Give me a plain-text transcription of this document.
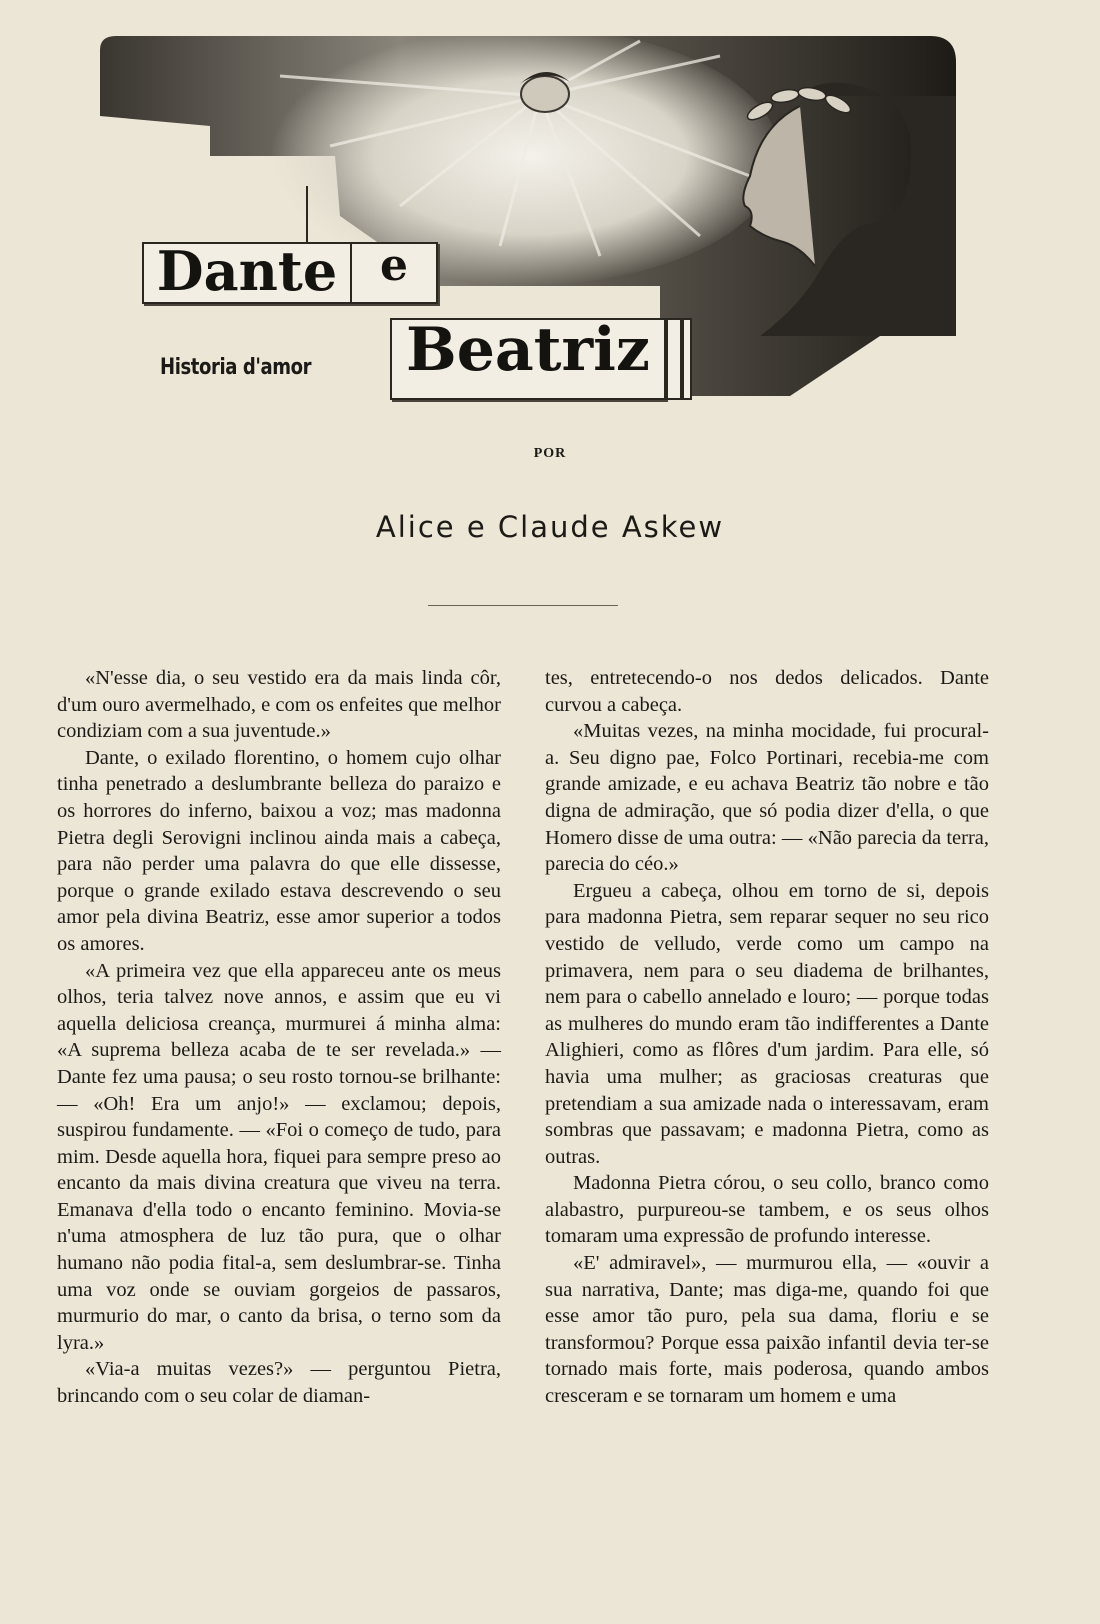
Dante e
Beatriz
Historia d'amor
POR
Alice e Claude Askew

«N'esse dia, o seu vestido era da mais linda côr, d'um ouro avermelhado, e com os enfeites que melhor condiziam com a sua juventude.»

Dante, o exilado florentino, o homem cujo olhar tinha penetrado a deslumbrante belleza do paraizo e os horrores do inferno, baixou a voz; mas madonna Pietra degli Serovigni inclinou ainda mais a cabeça, para não perder uma palavra do que elle dissesse, porque o grande exilado estava descrevendo o seu amor pela divina Beatriz, esse amor superior a todos os amores.

«A primeira vez que ella appareceu ante os meus olhos, teria talvez nove annos, e assim que eu vi aquella deliciosa creança, murmurei á minha alma: «A suprema belleza acaba de te ser revelada.» — Dante fez uma pausa; o seu rosto tornou-se brilhante: — «Oh! Era um anjo!» — exclamou; depois, suspirou fundamente. — «Foi o começo de tudo, para mim. Desde aquella hora, fiquei para sempre preso ao encanto da mais divina creatura que viveu na terra. Emanava d'ella todo o encanto feminino. Movia-se n'uma atmosphera de luz tão pura, que o olhar humano não podia fital-a, sem deslumbrar-se. Tinha uma voz onde se ouviam gorgeios de passaros, murmurio do mar, o canto da brisa, o terno som da lyra.»

«Via-a muitas vezes?» — perguntou Pietra, brincando com o seu colar de diaman-

tes, entretecendo-o nos dedos delicados. Dante curvou a cabeça.

«Muitas vezes, na minha mocidade, fui procural-a. Seu digno pae, Folco Portinari, recebia-me com grande amizade, e eu achava Beatriz tão nobre e tão digna de admiração, que só podia dizer d'ella, o que Homero disse de uma outra: — «Não parecia da terra, parecia do céo.»

Ergueu a cabeça, olhou em torno de si, depois para madonna Pietra, sem reparar sequer no seu rico vestido de velludo, verde como um campo na primavera, nem para o seu diadema de brilhantes, nem para o cabello annelado e louro; — porque todas as mulheres do mundo eram tão indifferentes a Dante Alighieri, como as flôres d'um jardim. Para elle, só havia uma mulher; as graciosas creaturas que pretendiam a sua amizade nada o interessavam, eram sombras que passavam; e madonna Pietra, como as outras.

Madonna Pietra córou, o seu collo, branco como alabastro, purpureou-se tambem, e os seus olhos tomaram uma expressão de profundo interesse.

«E' admiravel», — murmurou ella, — «ouvir a sua narrativa, Dante; mas diga-me, quando foi que esse amor tão puro, pela sua dama, floriu e se transformou? Porque essa paixão infantil devia ter-se tornado mais forte, mais poderosa, quando ambos cresceram e se tornaram um homem e uma
